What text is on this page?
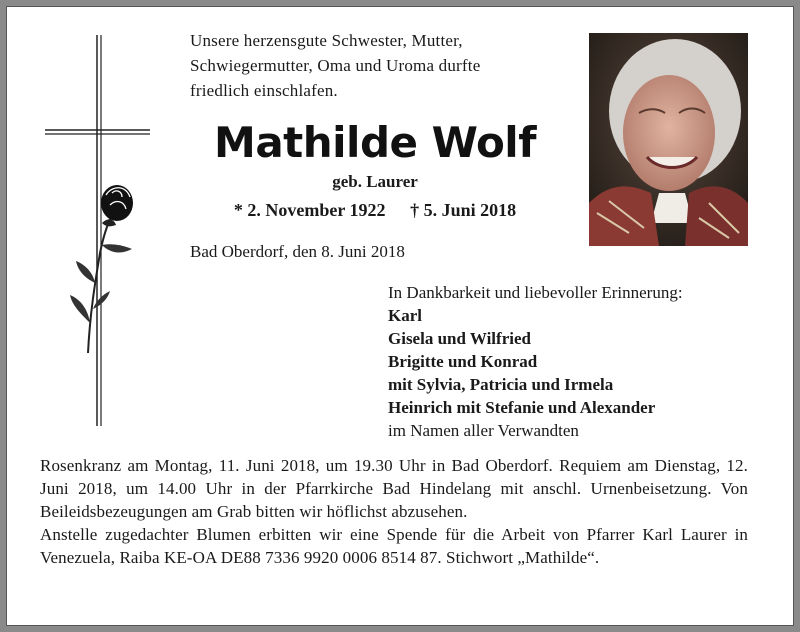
Unsere herzensgute Schwester, Mutter,
Schwiegermutter, Oma und Uroma durfte
friedlich einschlafen.
Mathilde Wolf
geb. Laurer
* 2. November 1922 † 5. Juni 2018
Bad Oberdorf, den 8. Juni 2018
In Dankbarkeit und liebevoller Erinnerung:
Karl
Gisela und Wilfried
Brigitte und Konrad
mit Sylvia, Patricia und Irmela
Heinrich mit Stefanie und Alexander
im Namen aller Verwandten

Rosenkranz am Montag, 11. Juni 2018, um 19.30 Uhr in Bad Oberdorf. Requiem am Dienstag, 12. Juni 2018, um 14.00 Uhr in der Pfarrkirche Bad Hindelang mit anschl. Urnenbeisetzung. Von Beileidsbezeugungen am Grab bitten wir höflichst abzusehen.

Anstelle zugedachter Blumen erbitten wir eine Spende für die Arbeit von Pfarrer Karl Laurer in Venezuela, Raiba KE-OA DE88 7336 9920 0006 8514 87. Stichwort „Mathilde“.
